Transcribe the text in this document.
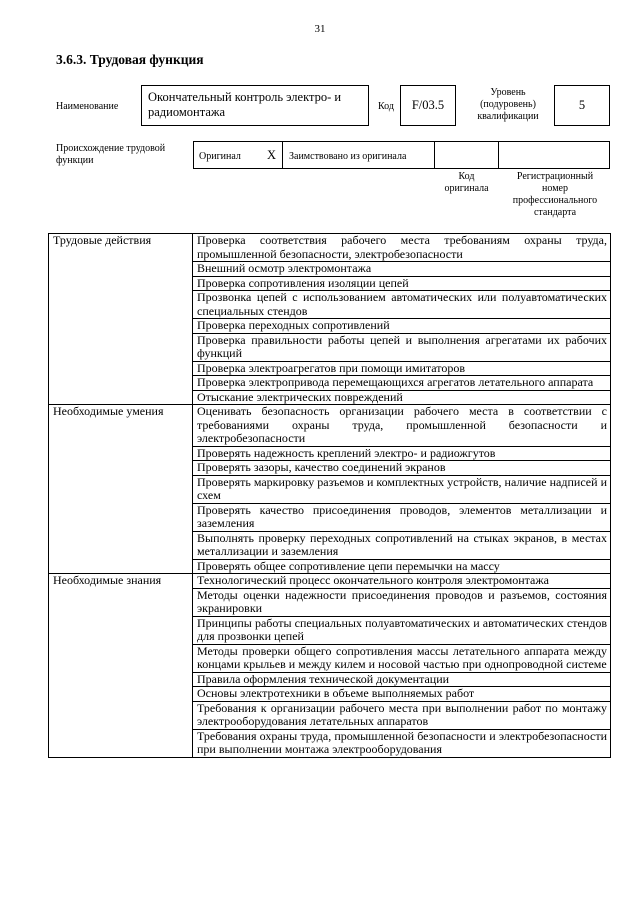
31
3.6.3. Трудовая функция
Наименование
Окончательный контроль электро- и
радиомонтажа	Код	F/03.5
Уровень
(подуровень)
квалификации
5
Происхождение трудовой
функции	Оригинал X	Заимствовано из оригинала
Код
оригинала
Регистрационный
номер
профессионального
стандарта
Трудовые действия	Проверка соответствия рабочего места требованиям охраны труда, промышленной безопасности, электробезопасности
	Внешний осмотр электромонтажа
	Проверка сопротивления изоляции цепей
	Прозвонка цепей с использованием автоматических или полуавтоматических специальных стендов
	Проверка переходных сопротивлений
	Проверка правильности работы цепей и выполнения агрегатами их рабочих функций
	Проверка электроагрегатов при помощи имитаторов
	Проверка электропривода перемещающихся агрегатов летательного аппарата
	Отыскание электрических повреждений
Необходимые умения	Оценивать безопасность организации рабочего места в соответствии с требованиями охраны труда, промышленной безопасности и электробезопасности
	Проверять надежность креплений электро- и радиожгутов
	Проверять зазоры, качество соединений экранов
	Проверять маркировку разъемов и комплектных устройств, наличие надписей и схем
	Проверять качество присоединения проводов, элементов металлизации и заземления
	Выполнять проверку переходных сопротивлений на стыках экранов, в местах металлизации и заземления
	Проверять общее сопротивление цепи перемычки на массу
Необходимые знания	Технологический процесс окончательного контроля электромонтажа
	Методы оценки надежности присоединения проводов и разъемов, состояния экранировки
	Принципы работы специальных полуавтоматических и автоматических стендов для прозвонки цепей
	Методы проверки общего сопротивления массы летательного аппарата между концами крыльев и между килем и носовой частью при однопроводной системе
	Правила оформления технической документации
	Основы электротехники в объеме выполняемых работ
	Требования к организации рабочего места при выполнении работ по монтажу электрооборудования летательных аппаратов
	Требования охраны труда, промышленной безопасности и электробезопасности при выполнении монтажа электрооборудования
